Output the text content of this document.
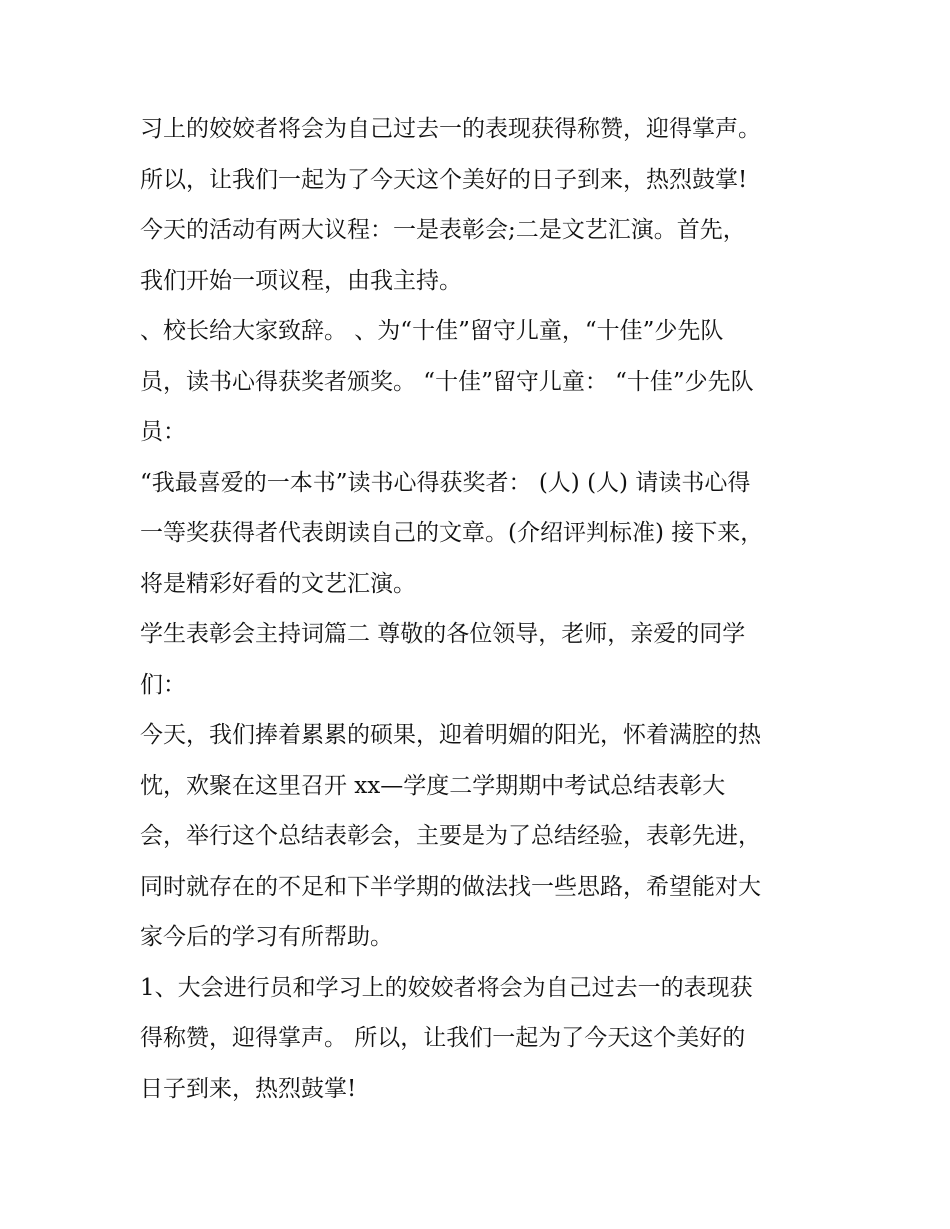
习上的姣姣者将会为自己过去一的表现获得称赞，迎得掌声。
所以，让我们一起为了今天这个美好的日子到来，热烈鼓掌!
今天的活动有两大议程：一是表彰会;二是文艺汇演。首先，
我们开始一项议程，由我主持。
、校长给大家致辞。 、为“十佳”留守儿童，“十佳”少先队
员，读书心得获奖者颁奖。 “十佳”留守儿童： “十佳”少先队
员：
“我最喜爱的一本书”读书心得获奖者： (人) (人) 请读书心得
一等奖获得者代表朗读自己的文章。(介绍评判标准) 接下来，
将是精彩好看的文艺汇演。
学生表彰会主持词篇二 尊敬的各位领导，老师，亲爱的同学
们：
今天，我们捧着累累的硕果，迎着明媚的阳光，怀着满腔的热
忱，欢聚在这里召开 xx—学度二学期期中考试总结表彰大
会，举行这个总结表彰会，主要是为了总结经验，表彰先进，
同时就存在的不足和下半学期的做法找一些思路，希望能对大
家今后的学习有所帮助。
1、大会进行员和学习上的姣姣者将会为自己过去一的表现获
得称赞，迎得掌声。 所以，让我们一起为了今天这个美好的
日子到来，热烈鼓掌!
